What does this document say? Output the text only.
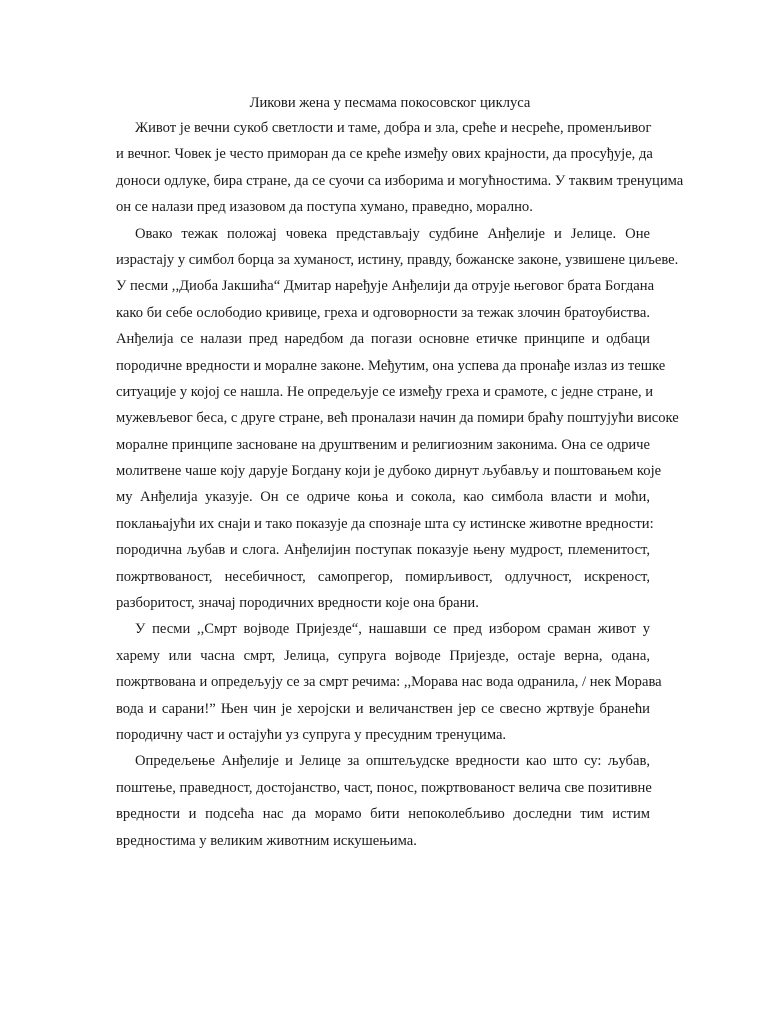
Ликови жена у песмама покосовског циклуса
Живот је вечни сукоб светлости и таме, добра и зла, среће и несреће, променљивог
и вечног. Човек је често приморан да се креће између ових крајности, да просуђује, да
доноси одлуке, бира стране, да се суочи са изборима и могућностима. У таквим тренуцима
он се налази пред изазовом да поступа хумано, праведно, морално.
Овако тежак положај човека представљају судбине Анђелије и Јелице. Оне
израстају у симбол борца за хуманост, истину, правду, божанске законе, узвишене циљеве.
У песми ,,Диоба Јакшића“ Дмитар наређује Анђелији да отрује његовог брата Богдана
како би себе ослободио кривице, греха и одговорности за тежак злочин братоубиства.
Анђелија се налази пред наредбом да погази основне етичке принципе и одбаци
породичне вредности и моралне законе. Међутим, она успева да пронађе излаз из тешке
ситуације у којој се нашла. Не опредељује се између греха и срамоте, с једне стране, и
мужевљевог беса, с друге стране, већ проналази начин да помири браћу поштујући високе
моралне принципе засноване на друштвеним и религиозним законима. Она се одриче
молитвене чаше коју дарује Богдану који је дубоко дирнут љубављу и поштовањем које
му Анђелија указује. Он се одриче коња и сокола, као симбола власти и моћи,
поклањајући их снаји и тако показује да спознаје шта су истинске животне вредности:
породична љубав и слога. Анђелијин поступак показује њену мудрост, племенитост,
пожртвованост, несебичност, самопрегор, помирљивост, одлучност, искреност,
разборитост, значај породичних вредности које она брани.
У песми ,,Смрт војводе Пријезде“, нашавши се пред избором сраман живот у
харему или часна смрт, Јелица, супруга војводе Пријезде, остаје верна, одана,
пожртвована и опредељују се за смрт речима: ,,Морава нас вода одранила, / нек Морава
вода и сарани!” Њен чин је херојски и величанствен јер се свесно жртвује бранећи
породичну част и остајући уз супруга у пресудним тренуцима.
Опредељење Анђелије и Јелице за општељудске вредности као што су: љубав,
поштење, праведност, достојанство, част, понос, пожртвованост велича све позитивне
вредности и подсећа нас да морамо бити непоколебљиво доследни тим истим
вредностима у великим животним искушењима.
